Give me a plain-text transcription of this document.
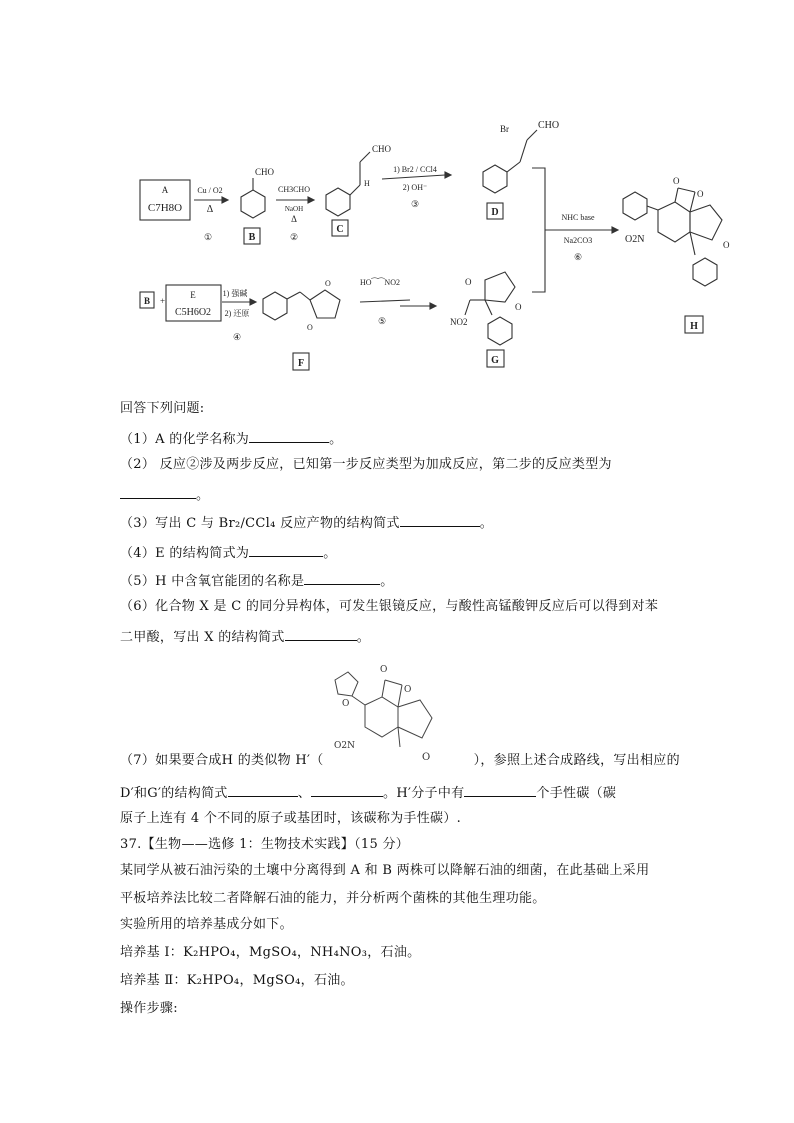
A
C7H8O
Cu / O2
Δ
①
CHO
B
CH3CHO
NaOH
Δ
②
CHO
H
C
1) Br2 / CCl4
2) OH⁻
③
Br	CHO
D	NHC base
Na2CO3
⑥
O
O
O
O2N
H
B +
E
C5H6O2
1) 强碱
2) 还原
④
O
O
F
HO⁀⁀NO2
⑤
O
O
NO2
G
回答下列问题:
（1）A 的化学名称为	。
（2） 反应②涉及两步反应，已知第一步反应类型为加成反应，第二步的反应类型为
。
（3）写出 C 与 Br₂/CCl₄ 反应产物的结构简式	。
（4）E 的结构简式为	。
（5）H 中含氧官能团的名称是	。
（6）化合物 X 是 C 的同分异构体，可发生银镜反应，与酸性高锰酸钾反应后可以得到对苯
二甲酸，写出 X 的结构简式	。
O
O
O
O
O2N
（7）如果要合成H 的类似物 H′（	），参照上述合成路线，写出相应的
D′和G′的结构简式	、	。H′分子中有	个手性碳（碳
原子上连有 4 个不同的原子或基团时，该碳称为手性碳）.
37.【生物——选修 1：生物技术实践】（15 分）
某同学从被石油污染的土壤中分离得到 A 和 B 两株可以降解石油的细菌，在此基础上采用
平板培养法比较二者降解石油的能力，并分析两个菌株的其他生理功能。
实验所用的培养基成分如下。
培养基 Ⅰ：K₂HPO₄，MgSO₄，NH₄NO₃，石油。
培养基 Ⅱ：K₂HPO₄，MgSO₄，石油。
操作步骤:
